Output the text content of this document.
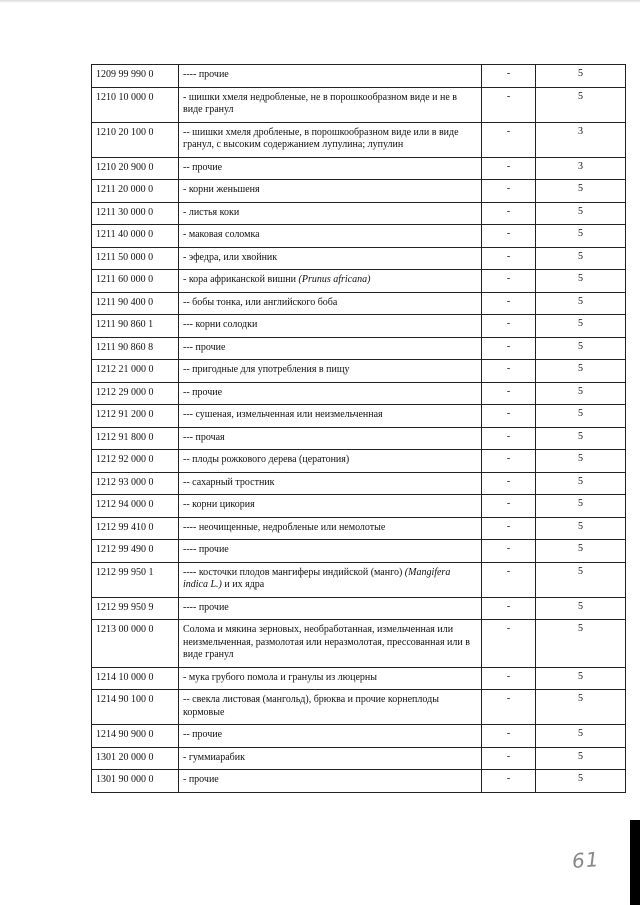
1209 99 990 0	---- прочие	-	5
1210 10 000 0	- шишки хмеля недробленые, не в порошкообразном виде и не в виде гранул	-	5
1210 20 100 0	-- шишки хмеля дробленые, в порошкообразном виде или в виде гранул, с высоким содержанием лупулина; лупулин	-	3
1210 20 900 0	-- прочие	-	3
1211 20 000 0	- корни женьшеня	-	5
1211 30 000 0	- листья коки	-	5
1211 40 000 0	- маковая соломка	-	5
1211 50 000 0	- эфедра, или хвойник	-	5
1211 60 000 0	- кора африканской вишни (Prunus africana)	-	5
1211 90 400 0	-- бобы тонка, или английского боба	-	5
1211 90 860 1	--- корни солодки	-	5
1211 90 860 8	--- прочие	-	5
1212 21 000 0	-- пригодные для употребления в пищу	-	5
1212 29 000 0	-- прочие	-	5
1212 91 200 0	--- сушеная, измельченная или неизмельченная	-	5
1212 91 800 0	--- прочая	-	5
1212 92 000 0	-- плоды рожкового дерева (цератония)	-	5
1212 93 000 0	-- сахарный тростник	-	5
1212 94 000 0	-- корни цикория	-	5
1212 99 410 0	---- неочищенные, недробленые или немолотые	-	5
1212 99 490 0	---- прочие	-	5
1212 99 950 1	---- косточки плодов мангиферы индийской (манго) (Mangifera indica L.) и их ядра	-	5
1212 99 950 9	---- прочие	-	5
1213 00 000 0	Солома и мякина зерновых, необработанная, измельченная или неизмельченная, размолотая или неразмолотая, прессованная или в виде гранул	-	5
1214 10 000 0	- мука грубого помола и гранулы из люцерны	-	5
1214 90 100 0	-- свекла листовая (мангольд), брюква и прочие корнеплоды кормовые	-	5
1214 90 900 0	-- прочие	-	5
1301 20 000 0	- гуммиарабик	-	5
1301 90 000 0	- прочие	-	5
61
